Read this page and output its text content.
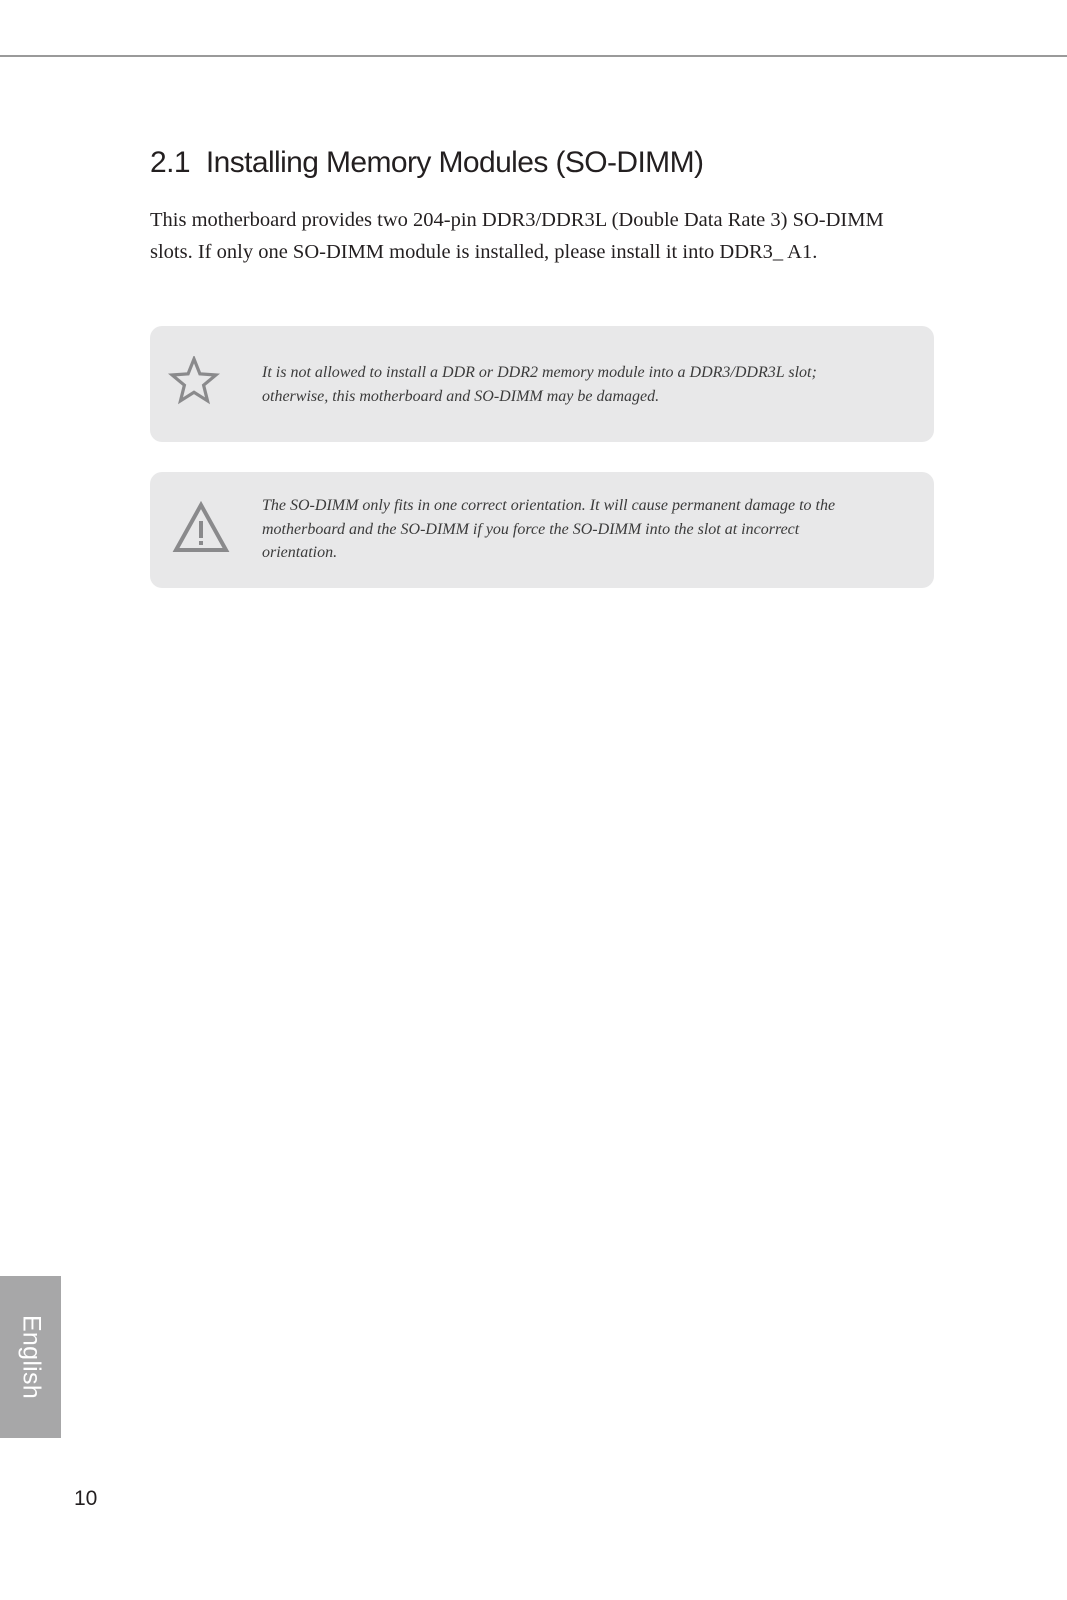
2.1 Installing Memory Modules (SO-DIMM)

This motherboard provides two 204-pin DDR3/DDR3L (Double Data Rate 3) SO-DIMM slots. If only one SO-DIMM module is installed, please install it into DDR3_ A1.

It is not allowed to install a DDR or DDR2 memory module into a DDR3/DDR3L slot; otherwise, this motherboard and SO-DIMM may be damaged.

The SO-DIMM only fits in one correct orientation. It will cause permanent damage to the motherboard and the SO-DIMM if you force the SO-DIMM into the slot at incorrect orientation.

English
10
